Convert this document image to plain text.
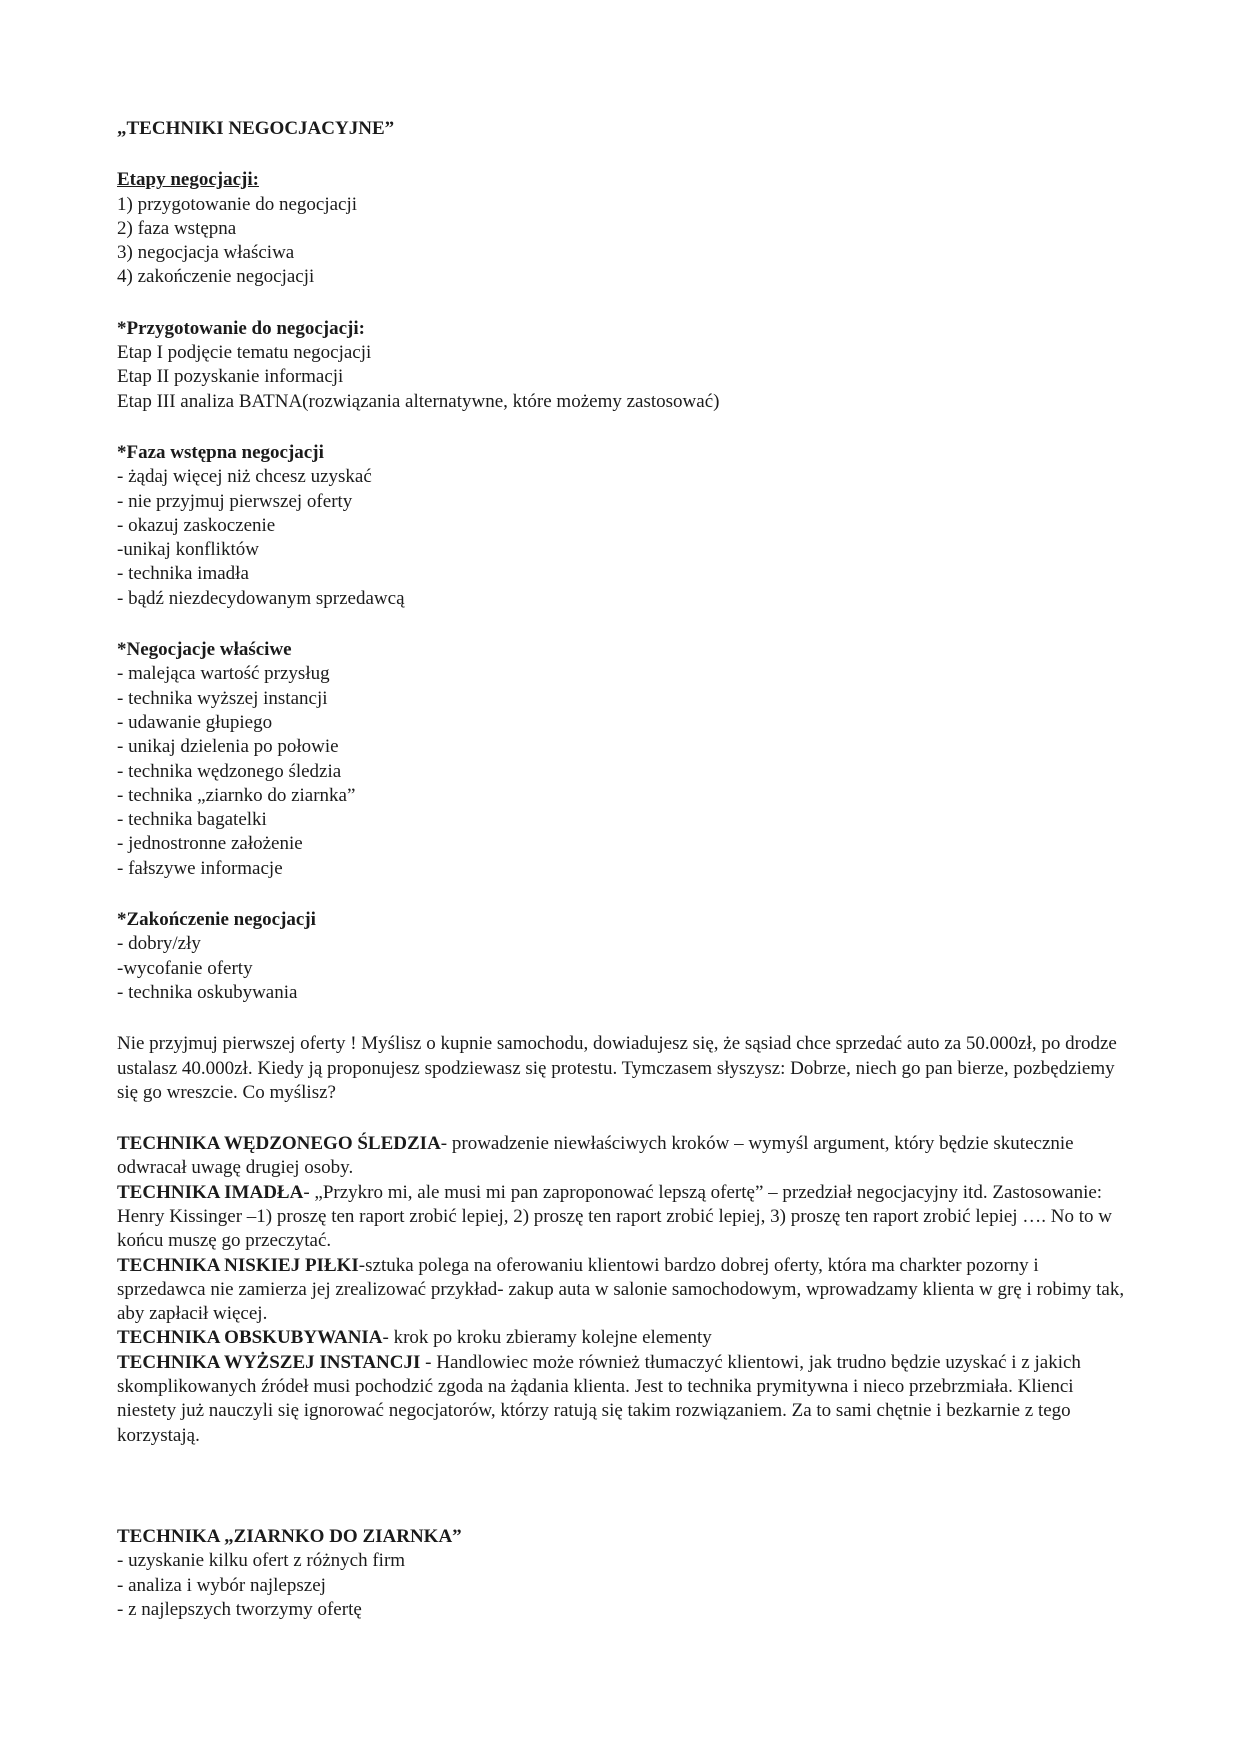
„TECHNIKI NEGOCJACYJNE”
Etapy negocjacji:
1) przygotowanie do negocjacji
2) faza wstępna
3) negocjacja właściwa
4) zakończenie negocjacji
*Przygotowanie do negocjacji:
Etap I podjęcie tematu negocjacji
Etap II pozyskanie informacji
Etap III analiza BATNA(rozwiązania alternatywne, które możemy zastosować)
*Faza wstępna negocjacji
- żądaj więcej niż chcesz uzyskać
- nie przyjmuj pierwszej oferty
- okazuj zaskoczenie
-unikaj konfliktów
- technika imadła
- bądź niezdecydowanym sprzedawcą
*Negocjacje właściwe
- malejąca wartość przysług
- technika wyższej instancji
- udawanie głupiego
- unikaj dzielenia po połowie
- technika wędzonego śledzia
- technika „ziarnko do ziarnka”
- technika bagatelki
- jednostronne założenie
- fałszywe informacje
*Zakończenie negocjacji
- dobry/zły
-wycofanie oferty
- technika oskubywania

Nie przyjmuj pierwszej oferty ! Myślisz o kupnie samochodu, dowiadujesz się, że sąsiad chce sprzedać auto za 50.000zł, po drodze ustalasz 40.000zł. Kiedy ją proponujesz spodziewasz się protestu. Tymczasem słyszysz: Dobrze, niech go pan bierze, pozbędziemy się go wreszcie. Co myślisz?

TECHNIKA WĘDZONEGO ŚLEDZIA- prowadzenie niewłaściwych kroków – wymyśl argument, który będzie skutecznie odwracał uwagę drugiej osoby.

TECHNIKA IMADŁA- „Przykro mi, ale musi mi pan zaproponować lepszą ofertę” – przedział negocjacyjny itd. Zastosowanie: Henry Kissinger –1) proszę ten raport zrobić lepiej, 2) proszę ten raport zrobić lepiej, 3) proszę ten raport zrobić lepiej …. No to w końcu muszę go przeczytać.

TECHNIKA NISKIEJ PIŁKI-sztuka polega na oferowaniu klientowi bardzo dobrej oferty, która ma charkter pozorny i sprzedawca nie zamierza jej zrealizować przykład- zakup auta w salonie samochodowym, wprowadzamy klienta w grę i robimy tak, aby zapłacił więcej.

TECHNIKA OBSKUBYWANIA- krok po kroku zbieramy kolejne elementy

TECHNIKA WYŻSZEJ INSTANCJI - Handlowiec może również tłumaczyć klientowi, jak trudno będzie uzyskać i z jakich skomplikowanych źródeł musi pochodzić zgoda na żądania klienta. Jest to technika prymitywna i nieco przebrzmiała. Klienci niestety już nauczyli się ignorować negocjatorów, którzy ratują się takim rozwiązaniem. Za to sami chętnie i bezkarnie z tego korzystają.

TECHNIKA „ZIARNKO DO ZIARNKA”
- uzyskanie kilku ofert z różnych firm
- analiza i wybór najlepszej
- z najlepszych tworzymy ofertę
